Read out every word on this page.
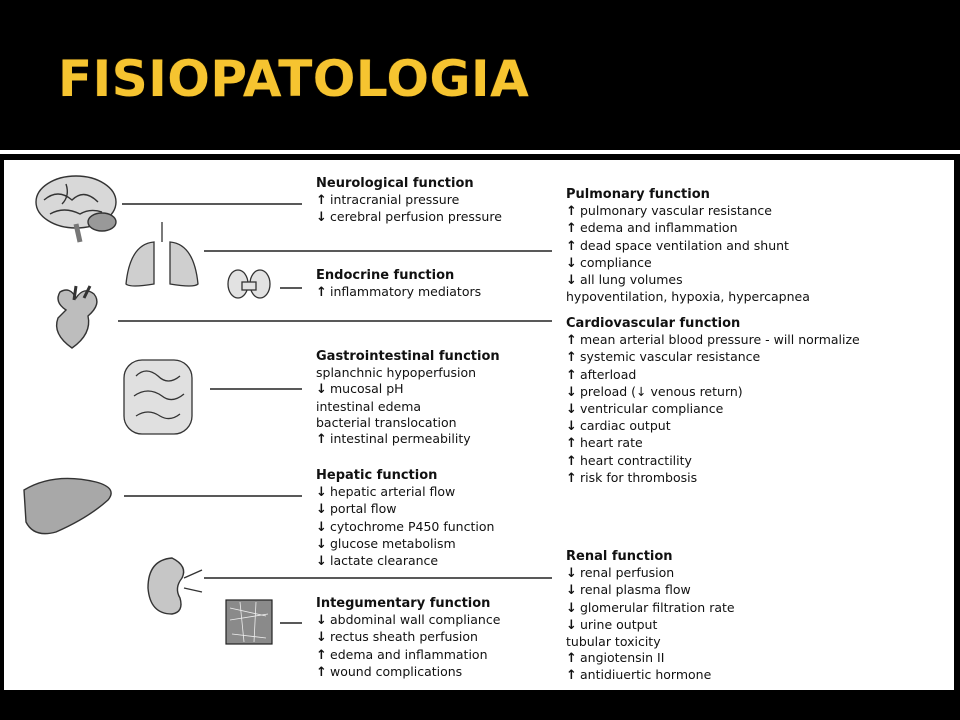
FISIOPATOLOGIA
Neurological function
↑ intracranial pressure
↓ cerebral perfusion pressure
Endocrine function
↑ inflammatory mediators
Gastrointestinal function
splanchnic hypoperfusion
↓ mucosal pH
intestinal edema
bacterial translocation
↑ intestinal permeability
Hepatic function
↓ hepatic arterial flow
↓ portal flow
↓ cytochrome P450 function
↓ glucose metabolism
↓ lactate clearance
Integumentary function
↓ abdominal wall compliance
↓ rectus sheath perfusion
↑ edema and inflammation
↑ wound complications
Pulmonary function
↑ pulmonary vascular resistance
↑ edema and inflammation
↑ dead space ventilation and shunt
↓ compliance
↓ all lung volumes
hypoventilation, hypoxia, hypercapnea
Cardiovascular function
↑ mean arterial blood pressure - will normalize
↑ systemic vascular resistance
↑ afterload
↓ preload (↓ venous return)
↓ ventricular compliance
↓ cardiac output
↑ heart rate
↑ heart contractility
↑ risk for thrombosis
Renal function
↓ renal perfusion
↓ renal plasma flow
↓ glomerular filtration rate
↓ urine output
tubular toxicity
↑ angiotensin II
↑ antidiuertic hormone
